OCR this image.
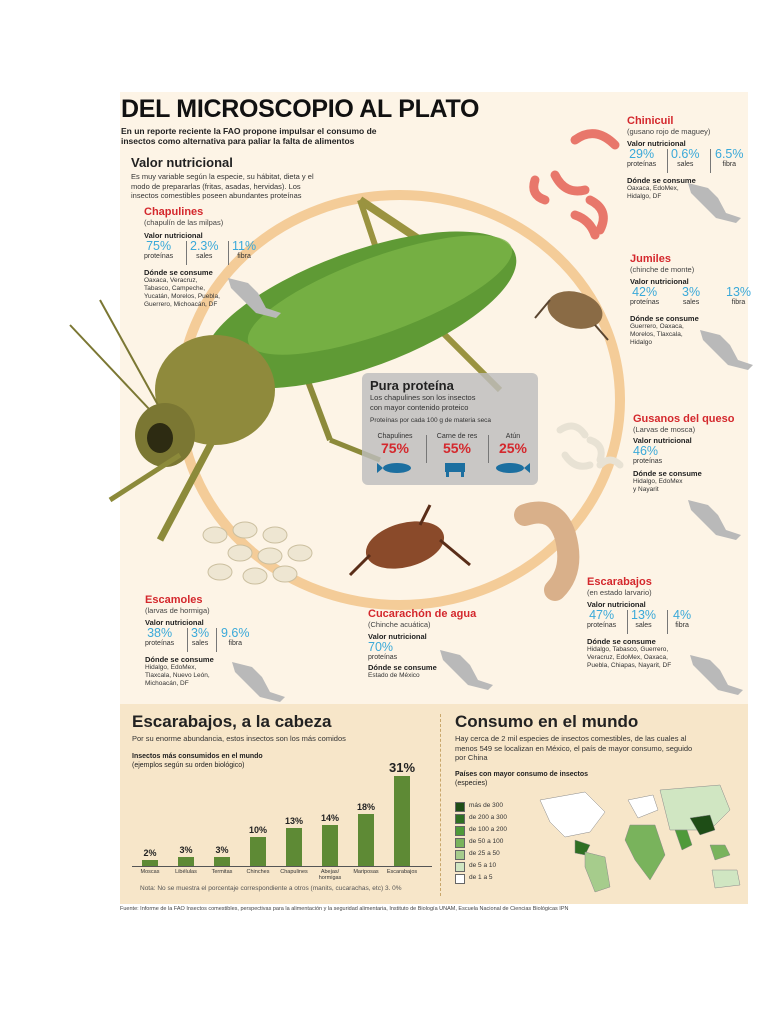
DEL MICROSCOPIO AL PLATO
En un reporte reciente la FAO propone impulsar el consumo de
insectos como alternativa para paliar la falta de alimentos
Valor nutricional
Es muy variable según la especie, su hábitat, dieta y el
modo de prepararlas (fritas, asadas, hervidas). Los
insectos comestibles poseen abundantes proteínas
Chapulines
(chapulín de las milpas)
Valor nutricional
75%
proteínas
2.3%
sales
11%
fibra
Dónde se consume
Oaxaca, Veracruz,
Tabasco, Campeche,
Yucatán, Morelos, Puebla,
Guerrero, Michoacán, DF
Chinicuil
(gusano rojo de maguey)
Valor nutricional
29%
proteínas
0.6%
sales
6.5%
fibra
Dónde se consume
Oaxaca, EdoMex,
Hidalgo, DF
Jumiles
(chinche de monte)
Valor nutricional
42%
proteínas
3%
sales
13%
fibra
Dónde se consume
Guerrero, Oaxaca,
Morelos, Tlaxcala,
Hidalgo
Gusanos del queso
(Larvas de mosca)
Valor nutricional
46%
proteínas
Dónde se consume
Hidalgo, EdoMex
y Nayarit
Pura proteína
Los chapulines son los insectos
con mayor contenido proteico
Proteínas por cada 100 g de materia seca
Chapulines
75%
Carne de res
55%
Atún
25%
Escamoles
(larvas de hormiga)
Valor nutricional
38%
proteínas
3%
sales
9.6%
fibra
Dónde se consume
Hidalgo, EdoMex,
Tlaxcala, Nuevo León,
Michoacán, DF
Cucarachón de agua
(Chinche acuática)
Valor nutricional
70%
proteínas
Dónde se consume
Estado de México
Escarabajos
(en estado larvario)
Valor nutricional
47%
proteínas
13%
sales
4%
fibra
Dónde se consume
Hidalgo, Tabasco, Guerrero,
Veracruz, EdoMex, Oaxaca,
Puebla, Chiapas, Nayarit, DF
Escarabajos, a la cabeza
Por su enorme abundancia, estos insectos son los más comidos
Insectos más consumidos en el mundo
(ejemplos según su orden biológico)
2%
Moscas
3%
Libélulas
3%
Termitas
10%
Chinches
13%
Chapulines
14%
Abejas/ hormigas
18%
Mariposas
31%
Escarabajos
Nota: No se muestra el porcentaje correspondiente a otros (manits, cucarachas, etc) 3. 0%
Consumo en el mundo
Hay cerca de 2 mil especies de insectos comestibles, de las cuales al
menos 549 se localizan en México, el país de mayor consumo, seguido
por China
Países con mayor consumo de insectos
(especies)
más de 300
de 200 a 300
de 100 a 200
de 50 a 100
de 25 a 50
de 5 a 10
de 1 a 5
Fuente: Informe de la FAO Insectos comestibles, perspectivas para la alimentación y la seguridad alimentaria, Instituto de Biología UNAM, Escuela Nacional de Ciencias Biológicas IPN
